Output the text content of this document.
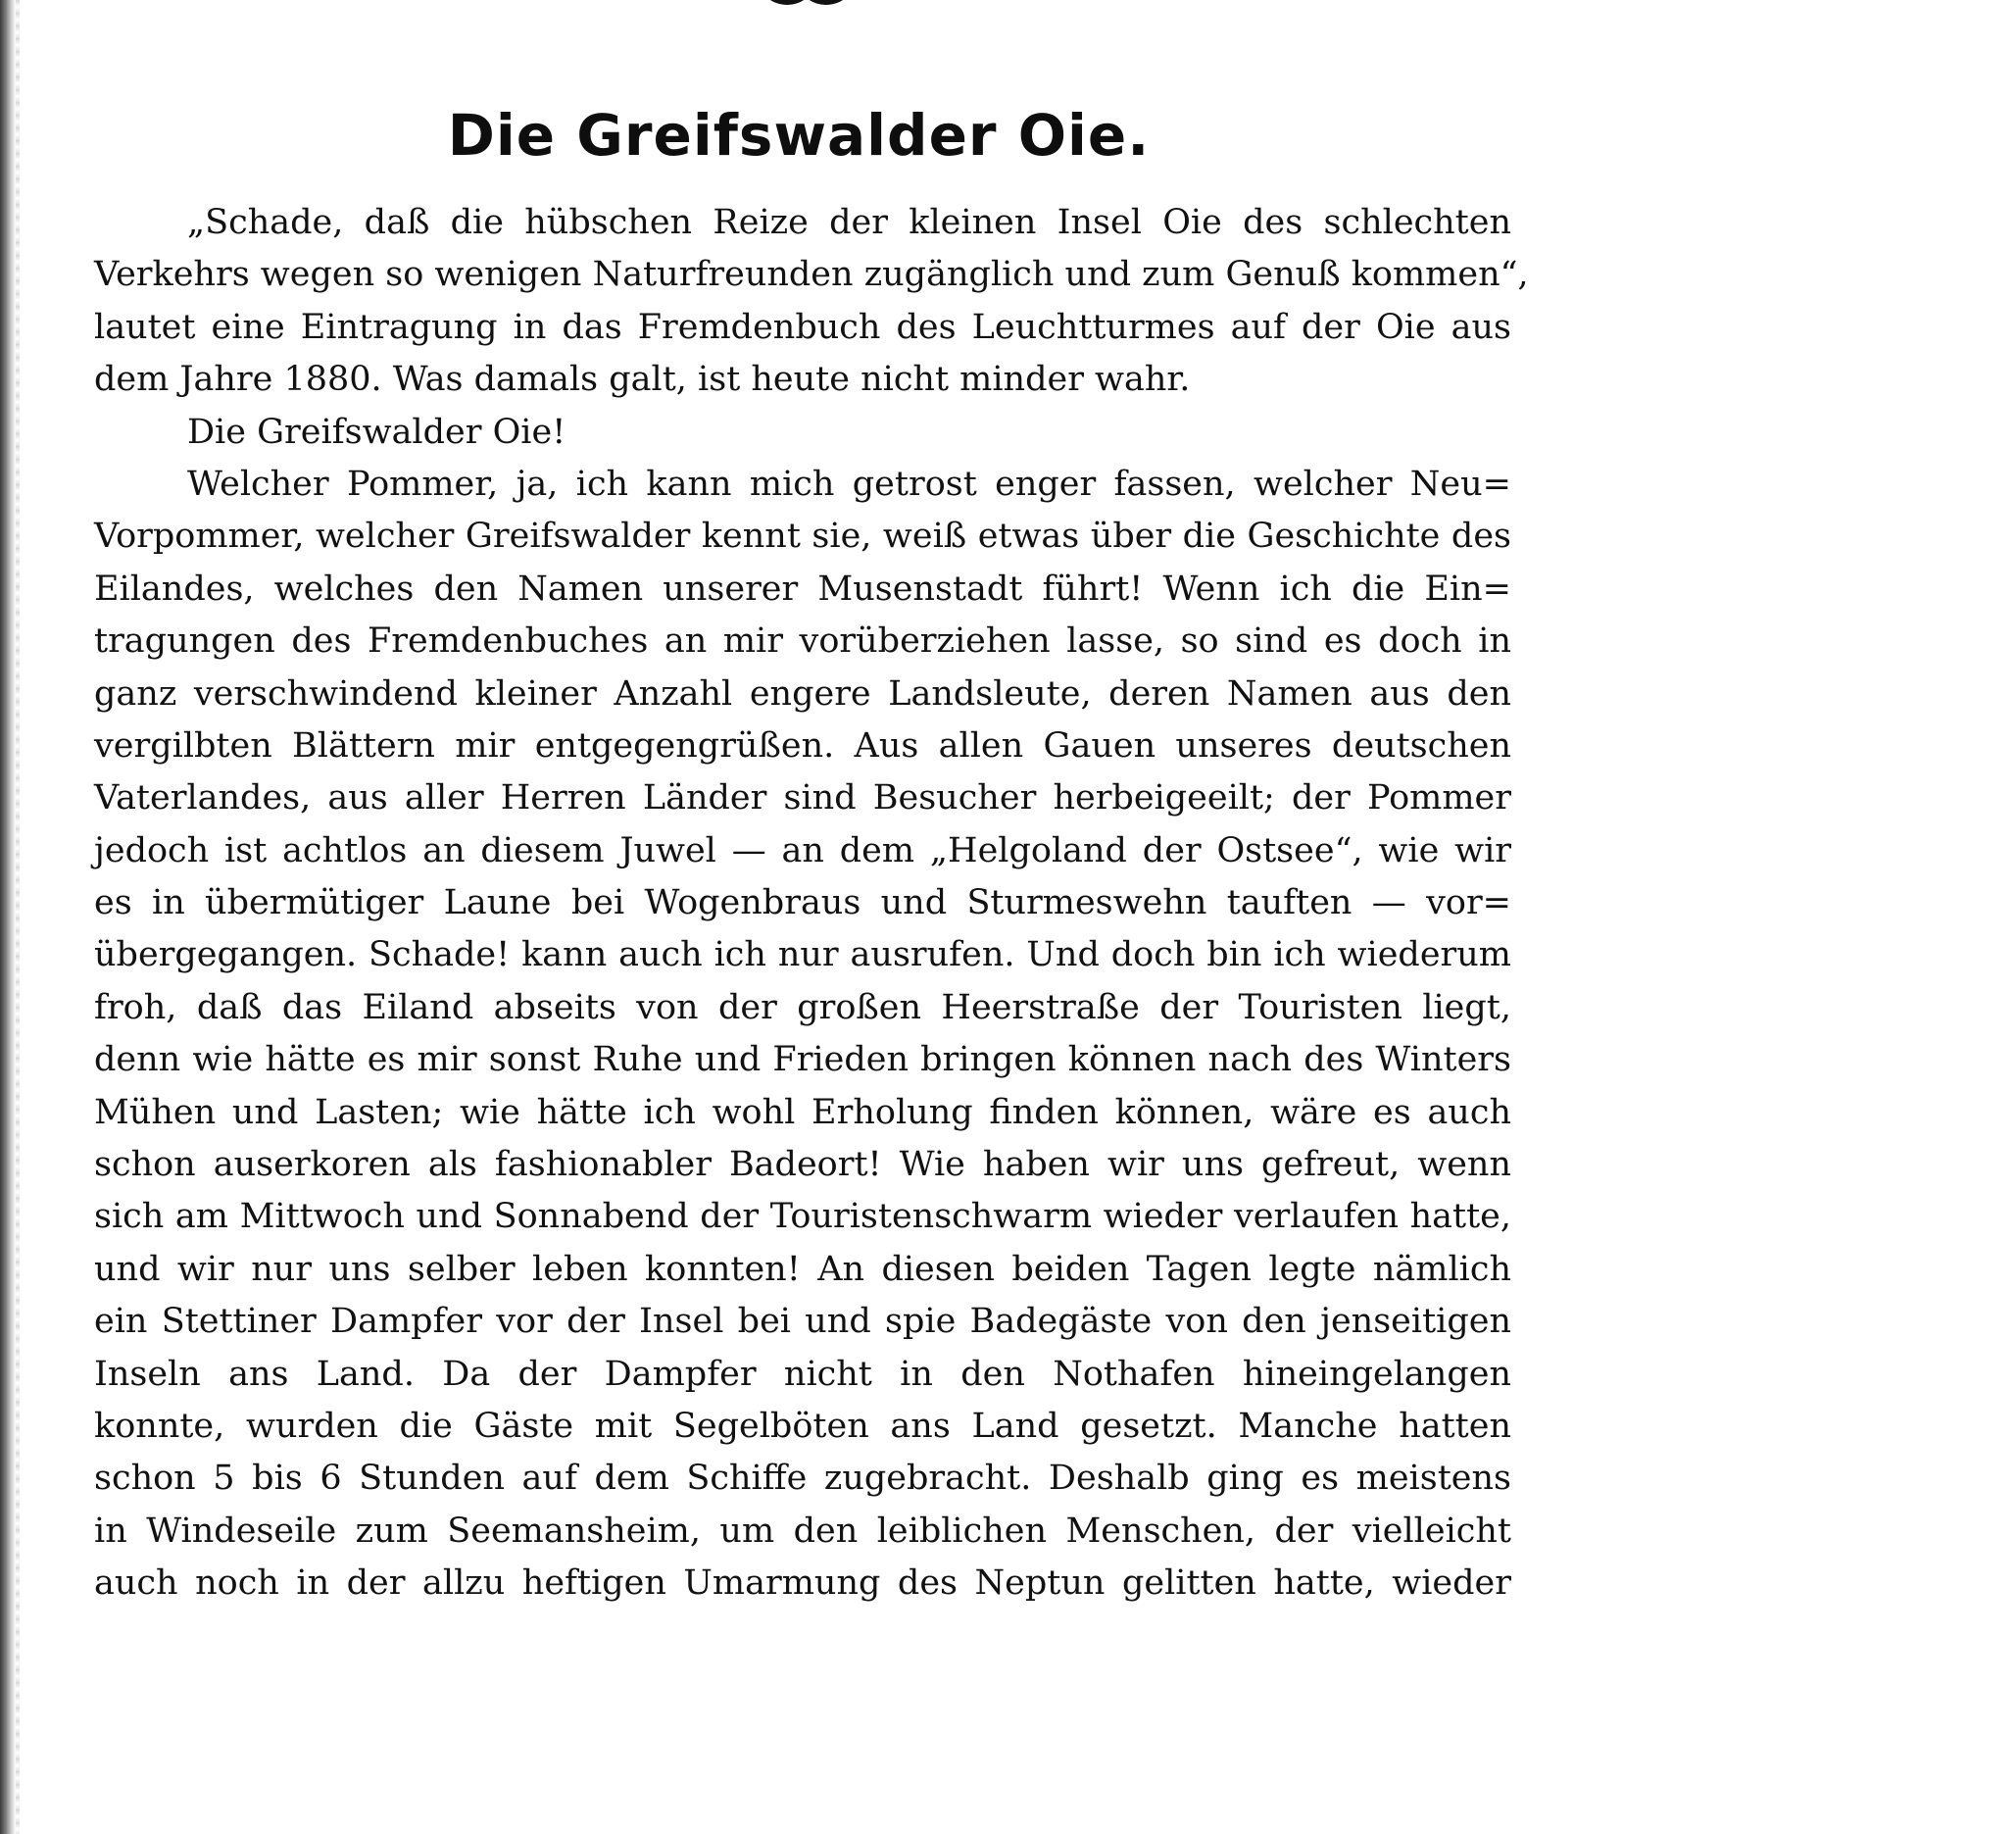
Die Greifswalder Oie.
„Schade, daß die hübschen Reize der kleinen Insel Oie des schlechten
Verkehrs wegen so wenigen Naturfreunden zugänglich und zum Genuß kommen“,
lautet eine Eintragung in das Fremdenbuch des Leuchtturmes auf der Oie aus
dem Jahre 1880. Was damals galt, ist heute nicht minder wahr.
Die Greifswalder Oie!
Welcher Pommer, ja, ich kann mich getrost enger fassen, welcher Neu=
Vorpommer, welcher Greifswalder kennt sie, weiß etwas über die Geschichte des
Eilandes, welches den Namen unserer Musenstadt führt! Wenn ich die Ein=
tragungen des Fremdenbuches an mir vorüberziehen lasse, so sind es doch in
ganz verschwindend kleiner Anzahl engere Landsleute, deren Namen aus den
vergilbten Blättern mir entgegengrüßen. Aus allen Gauen unseres deutschen
Vaterlandes, aus aller Herren Länder sind Besucher herbeigeeilt; der Pommer
jedoch ist achtlos an diesem Juwel — an dem „Helgoland der Ostsee“, wie wir
es in übermütiger Laune bei Wogenbraus und Sturmeswehn tauften — vor=
übergegangen. Schade! kann auch ich nur ausrufen. Und doch bin ich wiederum
froh, daß das Eiland abseits von der großen Heerstraße der Touristen liegt,
denn wie hätte es mir sonst Ruhe und Frieden bringen können nach des Winters
Mühen und Lasten; wie hätte ich wohl Erholung finden können, wäre es auch
schon auserkoren als fashionabler Badeort! Wie haben wir uns gefreut, wenn
sich am Mittwoch und Sonnabend der Touristenschwarm wieder verlaufen hatte,
und wir nur uns selber leben konnten! An diesen beiden Tagen legte nämlich
ein Stettiner Dampfer vor der Insel bei und spie Badegäste von den jenseitigen
Inseln ans Land. Da der Dampfer nicht in den Nothafen hineingelangen
konnte, wurden die Gäste mit Segelböten ans Land gesetzt. Manche hatten
schon 5 bis 6 Stunden auf dem Schiffe zugebracht. Deshalb ging es meistens
in Windeseile zum Seemansheim, um den leiblichen Menschen, der vielleicht
auch noch in der allzu heftigen Umarmung des Neptun gelitten hatte, wieder
